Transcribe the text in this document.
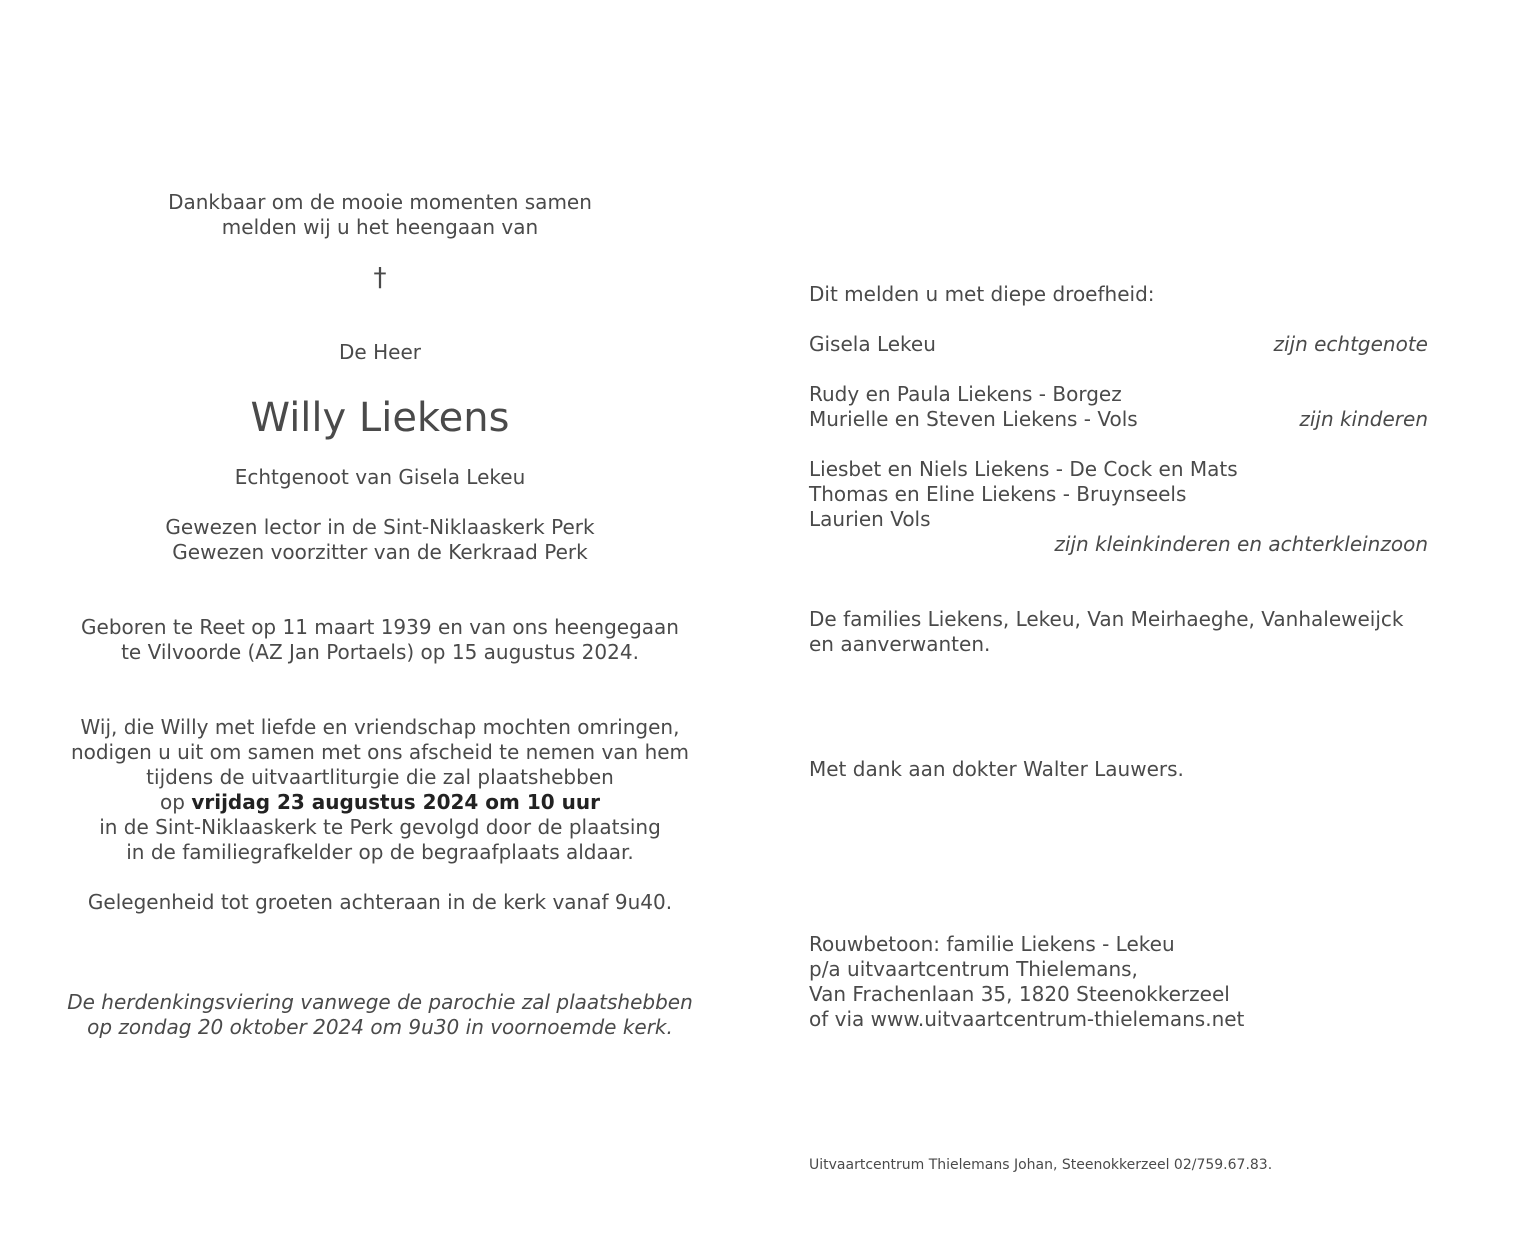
Dankbaar om de mooie momenten samen
melden wij u het heengaan van
†
De Heer
Willy Liekens
Echtgenoot van Gisela Lekeu
Gewezen lector in de Sint-Niklaaskerk Perk
Gewezen voorzitter van de Kerkraad Perk
Geboren te Reet op 11 maart 1939 en van ons heengegaan
te Vilvoorde (AZ Jan Portaels) op 15 augustus 2024.
Wij, die Willy met liefde en vriendschap mochten omringen,
nodigen u uit om samen met ons afscheid te nemen van hem
tijdens de uitvaartliturgie die zal plaatshebben
op vrijdag 23 augustus 2024 om 10 uur
in de Sint-Niklaaskerk te Perk gevolgd door de plaatsing
in de familiegrafkelder op de begraafplaats aldaar.
Gelegenheid tot groeten achteraan in de kerk vanaf 9u40.
De herdenkingsviering vanwege de parochie zal plaatshebben
op zondag 20 oktober 2024 om 9u30 in voornoemde kerk.
Dit melden u met diepe droefheid:
Gisela Lekeu	zijn echtgenote
Rudy en Paula Liekens - Borgez
Murielle en Steven Liekens - Vols	zijn kinderen
Liesbet en Niels Liekens - De Cock en Mats
Thomas en Eline Liekens - Bruynseels
Laurien Vols
zijn kleinkinderen en achterkleinzoon
De families Liekens, Lekeu, Van Meirhaeghe, Vanhaleweijck
en aanverwanten.
Met dank aan dokter Walter Lauwers.
Rouwbetoon: familie Liekens - Lekeu
p/a uitvaartcentrum Thielemans,
Van Frachenlaan 35, 1820 Steenokkerzeel
of via www.uitvaartcentrum-thielemans.net
Uitvaartcentrum Thielemans Johan, Steenokkerzeel 02/759.67.83.
